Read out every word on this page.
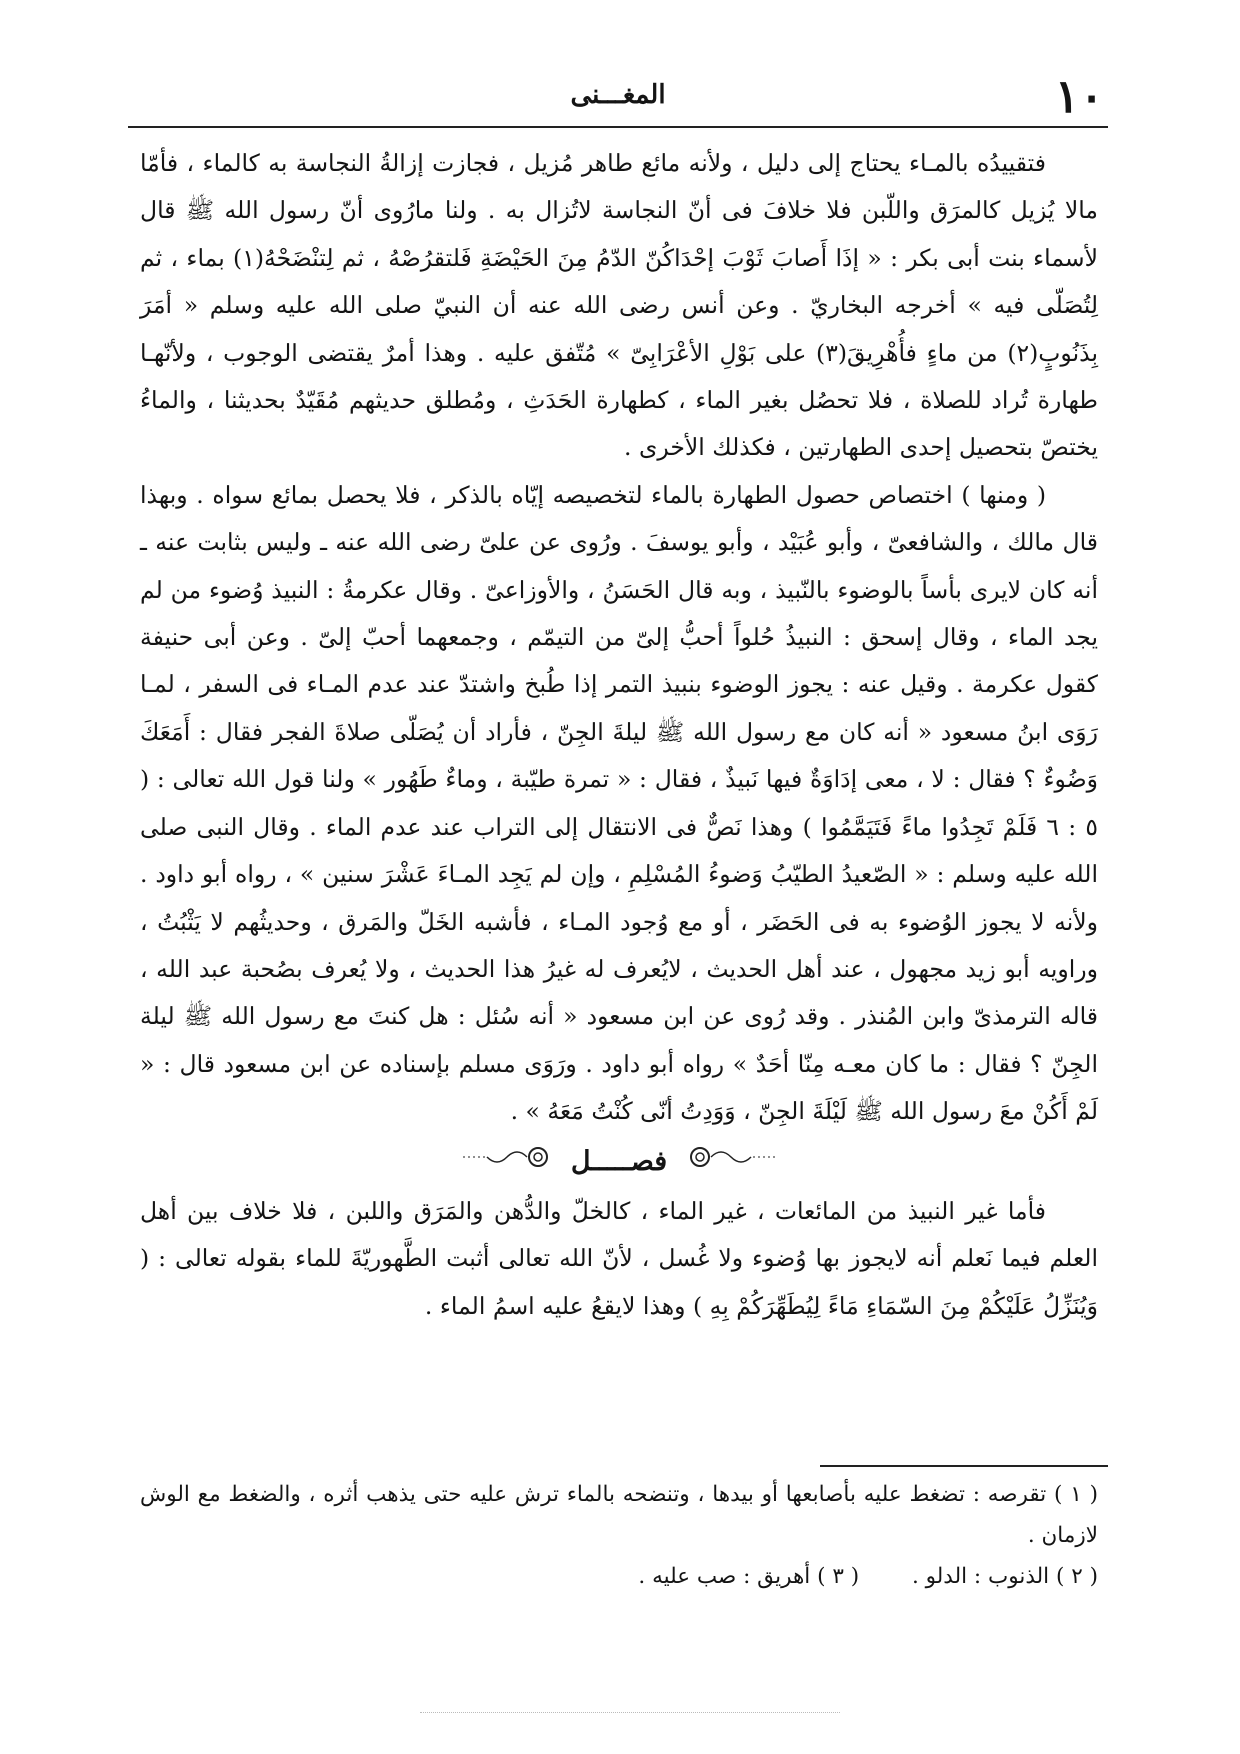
١٠
المغـــنى

فتقييدُه بالمـاء يحتاج إلى دليل ، ولأنه مائع طاهر مُزيل ، فجازت إزالةُ النجاسة به كالماء ، فأمّا مالا يُزيل كالمرَق واللّبن فلا خلافَ فى أنّ النجاسة لاتُزال به . ولنا مارُوى أنّ رسول الله ﷺ قال لأسماء بنت أبى بكر : « إذَا أَصابَ ثَوْبَ إحْدَاكُنّ الدّمُ مِنَ الحَيْضَةِ فَلتقرُصْهُ ، ثم لِتنْضَحْهُ(١) بماء ، ثم لِتُصَلّى فيه » أخرجه البخاريّ . وعن أنس رضى الله عنه أن النبيّ صلى الله عليه وسلم « أمَرَ بِذَنُوبٍ(٢) من ماءٍ فأُهْرِيقَ(٣) على بَوْلِ الأعْرَابِىّ » مُتّفق عليه . وهذا أمرٌ يقتضى الوجوب ، ولأنّهـا طهارة تُراد للصلاة ، فلا تحصُل بغير الماء ، كطهارة الحَدَثِ ، ومُطلق حديثهم مُقَيّدٌ بحديثنا ، والماءُ يختصّ بتحصيل إحدى الطهارتين ، فكذلك الأخرى .

( ومنها ) اختصاص حصول الطهارة بالماء لتخصيصه إيّاه بالذكر ، فلا يحصل بمائع سواه . وبهذا قال مالك ، والشافعىّ ، وأبو عُبَيْد ، وأبو يوسفَ . ورُوى عن علىّ رضى الله عنه ـ وليس بثابت عنه ـ أنه كان لايرى بأساً بالوضوء بالنّبيذ ، وبه قال الحَسَنُ ، والأوزاعىّ . وقال عكرمةُ : النبيذ وُضوء من لم يجد الماء ، وقال إسحق : النبيذُ حُلواً أحبُّ إلىّ من التيمّم ، وجمعهما أحبّ إلىّ . وعن أبى حنيفة كقول عكرمة . وقيل عنه : يجوز الوضوء بنبيذ التمر إذا طُبخ واشتدّ عند عدم المـاء فى السفر ، لمـا رَوَى ابنُ مسعود « أنه كان مع رسول الله ﷺ ليلةَ الجِنّ ، فأراد أن يُصَلّى صلاةَ الفجر فقال : أَمَعَكَ وَضُوءٌ ؟ فقال : لا ، معى إدَاوَةٌ فيها نَبيذٌ ، فقال : « تمرة طيّبة ، وماءٌ طَهُور » ولنا قول الله تعالى : ( ٥ : ٦ فَلَمْ تَجِدُوا ماءً فَتَيَمَّمُوا ) وهذا نَصٌّ فى الانتقال إلى التراب عند عدم الماء . وقال النبى صلى الله عليه وسلم : « الصّعيدُ الطيّبُ وَضوءُ المُسْلِمِ ، وإن لم يَجِد المـاءَ عَشْرَ سنين » ، رواه أبو داود . ولأنه لا يجوز الوُضوء به فى الحَضَر ، أو مع وُجود المـاء ، فأشبه الخَلّ والمَرق ، وحديثُهم لا يَثْبُتُ ، وراويه أبو زيد مجهول ، عند أهل الحديث ، لايُعرف له غيرُ هذا الحديث ، ولا يُعرف بصُحبة عبد الله ، قاله الترمذىّ وابن المُنذر . وقد رُوى عن ابن مسعود « أنه سُئل : هل كنتَ مع رسول الله ﷺ ليلة الجِنّ ؟ فقال : ما كان معـه مِنّا أحَدٌ » رواه أبو داود . ورَوَى مسلم بإسناده عن ابن مسعود قال : « لَمْ أَكُنْ معَ رسول الله ﷺ لَيْلَةَ الجِنّ ، وَوَدِتُ أنّى كُنْتُ مَعَهُ » .

فصـــــل

فأما غير النبيذ من المائعات ، غير الماء ، كالخلّ والدُّهن والمَرَق واللبن ، فلا خلاف بين أهل العلم فيما نَعلم أنه لايجوز بها وُضوء ولا غُسل ، لأنّ الله تعالى أثبت الطَّهوريّةَ للماء بقوله تعالى : ( وَيُنَزِّلُ عَلَيْكُمْ مِنَ السّمَاءِ مَاءً لِيُطَهِّرَكُمْ بِهِ ) وهذا لايقعُ عليه اسمُ الماء .

( ١ ) تقرصه : تضغط عليه بأصابعها أو بيدها ، وتنضحه بالماء ترش عليه حتى يذهب أثره ، والضغط مع الوش لازمان .

( ٢ ) الذنوب : الدلو . ( ٣ ) أهريق : صب عليه .
